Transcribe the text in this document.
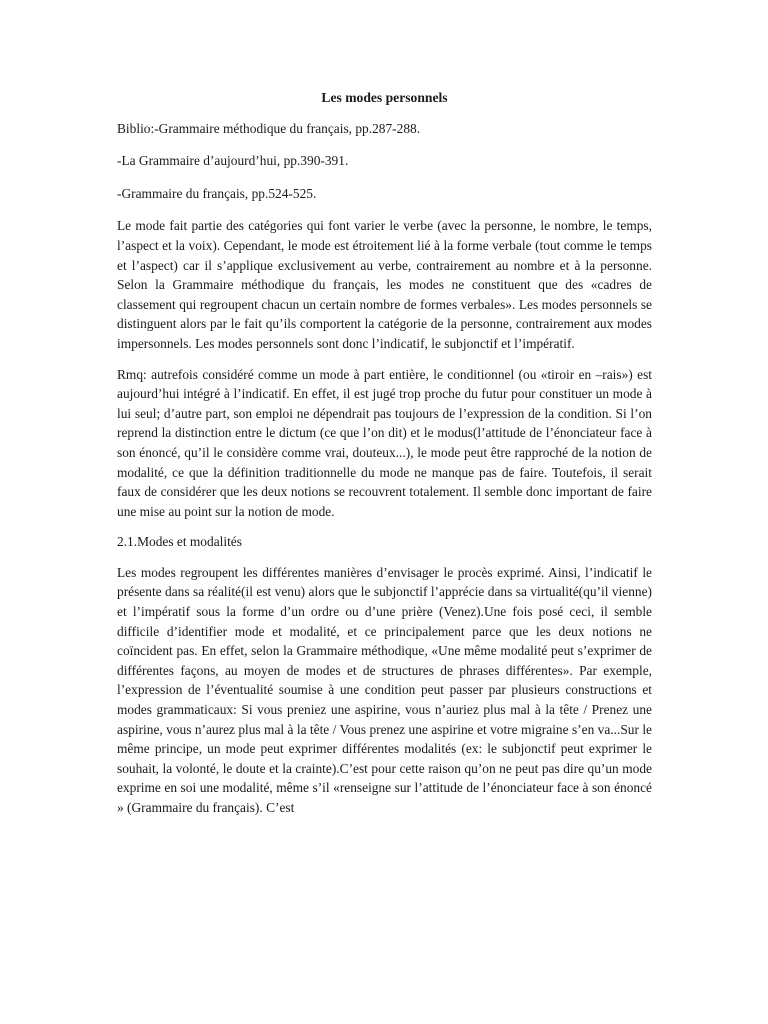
Les modes personnels
Biblio:-Grammaire méthodique du français, pp.287-288.
-La Grammaire d’aujourd’hui, pp.390-391.
-Grammaire du français, pp.524-525.
Le mode fait partie des catégories qui font varier le verbe (avec la personne, le nombre, le temps, l’aspect et la voix). Cependant, le mode est étroitement lié à la forme verbale (tout comme le temps et l’aspect) car il s’applique exclusivement au verbe, contrairement au nombre et à la personne. Selon la Grammaire méthodique du français, les modes ne constituent que des «cadres de classement qui regroupent chacun un certain nombre de formes verbales». Les modes personnels se distinguent alors par le fait qu’ils comportent la catégorie de la personne, contrairement aux modes impersonnels. Les modes personnels sont donc l’indicatif, le subjonctif et l’impératif.
Rmq: autrefois considéré comme un mode à part entière, le conditionnel (ou «tiroir en –rais») est aujourd’hui intégré à l’indicatif. En effet, il est jugé trop proche du futur pour constituer un mode à lui seul; d’autre part, son emploi ne dépendrait pas toujours de l’expression de la condition. Si l’on reprend la distinction entre le dictum (ce que l’on dit) et le modus(l’attitude de l’énonciateur face à son énoncé, qu’il le considère comme vrai, douteux...), le mode peut être rapproché de la notion de modalité, ce que la définition traditionnelle du mode ne manque pas de faire. Toutefois, il serait faux de considérer que les deux notions se recouvrent totalement. Il semble donc important de faire une mise au point sur la notion de mode.
2.1.Modes et modalités
Les modes regroupent les différentes manières d’envisager le procès exprimé. Ainsi, l’indicatif le présente dans sa réalité(il est venu) alors que le subjonctif l’apprécie dans sa virtualité(qu’il vienne) et l’impératif sous la forme d’un ordre ou d’une prière (Venez).Une fois posé ceci, il semble difficile d’identifier mode et modalité, et ce principalement parce que les deux notions ne coïncident pas. En effet, selon la Grammaire méthodique, «Une même modalité peut s’exprimer de différentes façons, au moyen de modes et de structures de phrases différentes». Par exemple, l’expression de l’éventualité soumise à une condition peut passer par plusieurs constructions et modes grammaticaux: Si vous preniez une aspirine, vous n’auriez plus mal à la tête / Prenez une aspirine, vous n’aurez plus mal à la tête / Vous prenez une aspirine et votre migraine s’en va...Sur le même principe, un mode peut exprimer différentes modalités (ex: le subjonctif peut exprimer le souhait, la volonté, le doute et la crainte).C’est pour cette raison qu’on ne peut pas dire qu’un mode exprime en soi une modalité, même s’il «renseigne sur l’attitude de l’énonciateur face à son énoncé » (Grammaire du français). C’est
